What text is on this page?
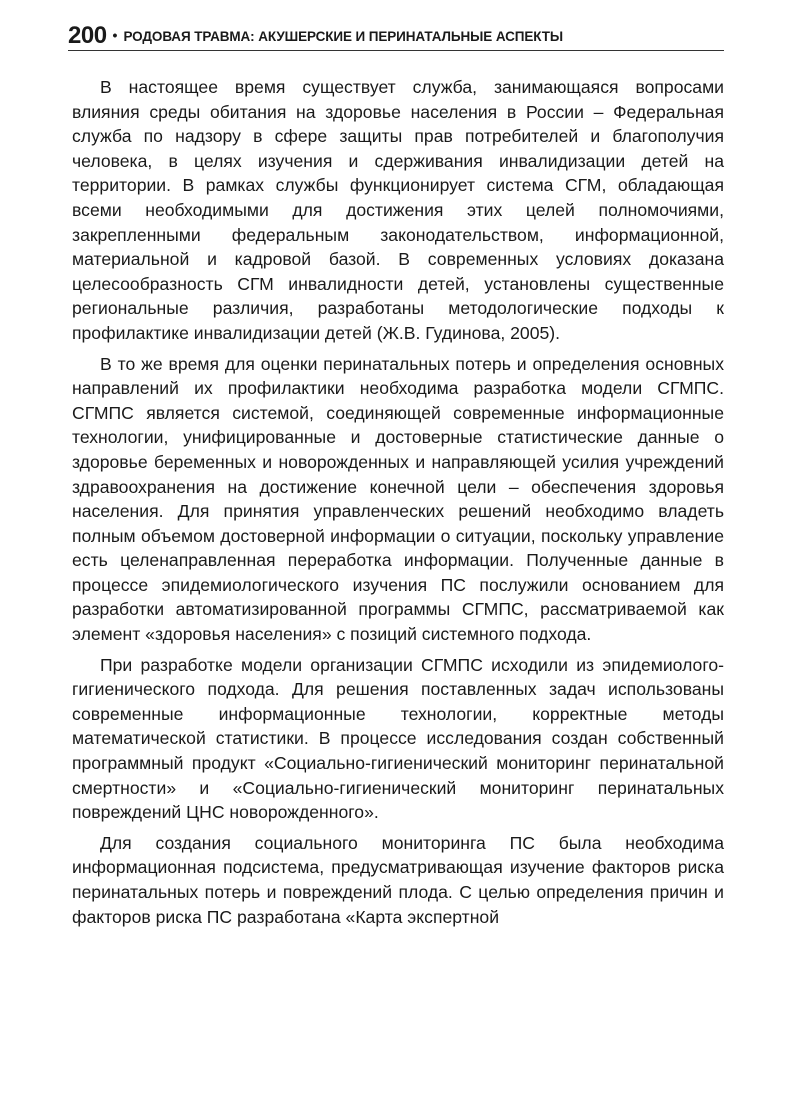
200 • РОДОВАЯ ТРАВМА: АКУШЕРСКИЕ И ПЕРИНАТАЛЬНЫЕ АСПЕКТЫ

В настоящее время существует служба, занимающаяся вопросами влияния среды обитания на здоровье населения в России – Федеральная служба по надзору в сфере защиты прав потребителей и благополучия человека, в целях изучения и сдерживания инвалидизации детей на территории. В рамках службы функционирует система СГМ, обладающая всеми необходимыми для достижения этих целей полномочиями, закрепленными федеральным законодательством, информационной, материальной и кадровой базой. В современных условиях доказана целесообразность СГМ инвалидности детей, установлены существенные региональные различия, разработаны методологические подходы к профилактике инвалидизации детей (Ж.В. Гудинова, 2005).

В то же время для оценки перинатальных потерь и определения основных направлений их профилактики необходима разработка модели СГМПС. СГМПС является системой, соединяющей современные информационные технологии, унифицированные и достоверные статистические данные о здоровье беременных и новорожденных и направляющей усилия учреждений здравоохранения на достижение конечной цели – обеспечения здоровья населения. Для принятия управленческих решений необходимо владеть полным объемом достоверной информации о ситуации, поскольку управление есть целенаправленная переработка информации. Полученные данные в процессе эпидемиологического изучения ПС послужили основанием для разработки автоматизированной программы СГМПС, рассматриваемой как элемент «здоровья населения» с позиций системного подхода.

При разработке модели организации СГМПС исходили из эпидемиолого-гигиенического подхода. Для решения поставленных задач использованы современные информационные технологии, корректные методы математической статистики. В процессе исследования создан собственный программный продукт «Социально-гигиенический мониторинг перинатальной смертности» и «Социально-гигиенический мониторинг перинатальных повреждений ЦНС новорожденного».

Для создания социального мониторинга ПС была необходима информационная подсистема, предусматривающая изучение факторов риска перинатальных потерь и повреждений плода. С целью определения причин и факторов риска ПС разработана «Карта экспертной
